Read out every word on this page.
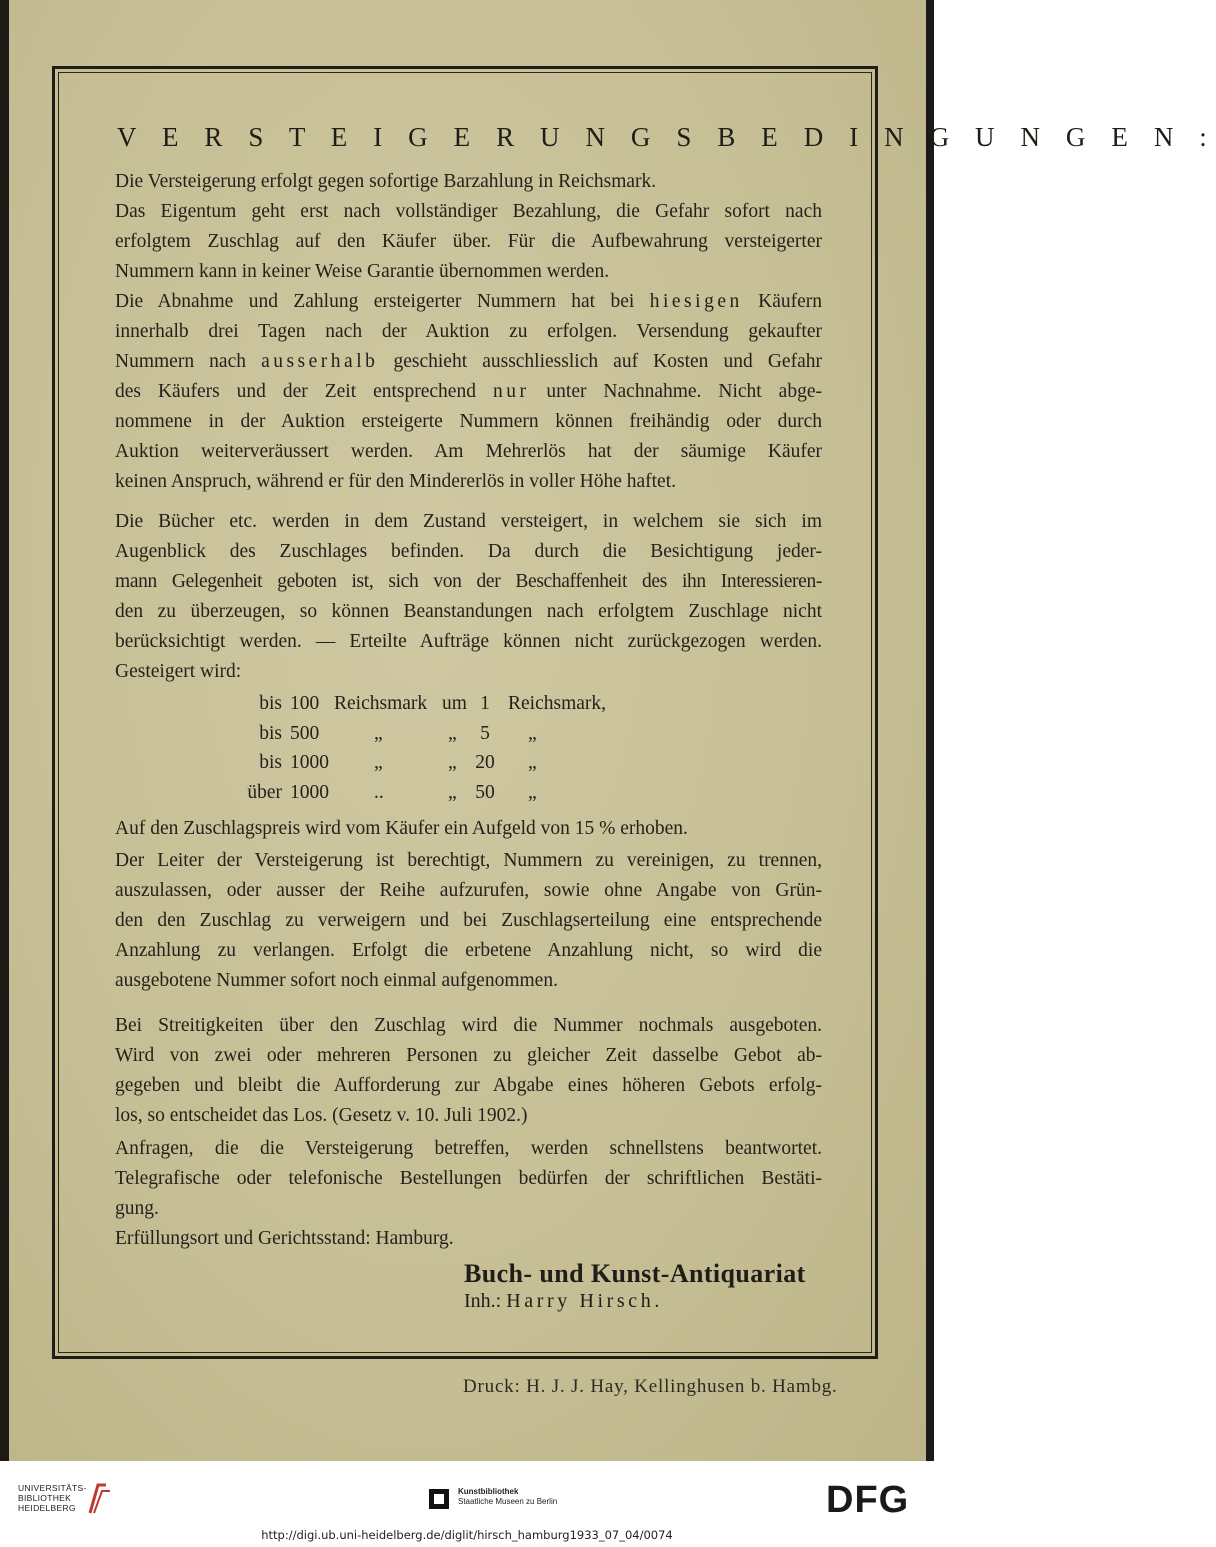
V E R S T E I G E R U N G S B E D I N G U N G E N :
Die Versteigerung erfolgt gegen sofortige Barzahlung in Reichsmark.
Das Eigentum geht erst nach vollständiger Bezahlung, die Gefahr sofort nach
erfolgtem Zuschlag auf den Käufer über. Für die Aufbewahrung versteigerter
Nummern kann in keiner Weise Garantie übernommen werden.
Die Abnahme und Zahlung ersteigerter Nummern hat bei hiesigen Käufern
innerhalb drei Tagen nach der Auktion zu erfolgen. Versendung gekaufter
Nummern nach ausserhalb geschieht ausschliesslich auf Kosten und Gefahr
des Käufers und der Zeit entsprechend nur unter Nachnahme. Nicht abge-
nommene in der Auktion ersteigerte Nummern können freihändig oder durch
Auktion weiterveräussert werden. Am Mehrerlös hat der säumige Käufer
keinen Anspruch, während er für den Mindererlös in voller Höhe haftet.
Die Bücher etc. werden in dem Zustand versteigert, in welchem sie sich im
Augenblick des Zuschlages befinden. Da durch die Besichtigung jeder-
mann Gelegenheit geboten ist, sich von der Beschaffenheit des ihn Interessieren-
den zu überzeugen, so können Beanstandungen nach erfolgtem Zuschlage nicht
berücksichtigt werden. — Erteilte Aufträge können nicht zurückgezogen werden.
Gesteigert wird:
bis 100 Reichsmark um 1 Reichsmark,
bis 500	„	„	5	„
bis 1000	„	„ 20	„
über 1000	..	„ 50	„
Auf den Zuschlagspreis wird vom Käufer ein Aufgeld von 15 % erhoben.
Der Leiter der Versteigerung ist berechtigt, Nummern zu vereinigen, zu trennen,
auszulassen, oder ausser der Reihe aufzurufen, sowie ohne Angabe von Grün-
den den Zuschlag zu verweigern und bei Zuschlagserteilung eine entsprechende
Anzahlung zu verlangen. Erfolgt die erbetene Anzahlung nicht, so wird die
ausgebotene Nummer sofort noch einmal aufgenommen.
Bei Streitigkeiten über den Zuschlag wird die Nummer nochmals ausgeboten.
Wird von zwei oder mehreren Personen zu gleicher Zeit dasselbe Gebot ab-
gegeben und bleibt die Aufforderung zur Abgabe eines höheren Gebots erfolg-
los, so entscheidet das Los. (Gesetz v. 10. Juli 1902.)
Anfragen, die die Versteigerung betreffen, werden schnellstens beantwortet.
Telegrafische oder telefonische Bestellungen bedürfen der schriftlichen Bestäti-
gung.
Erfüllungsort und Gerichtsstand: Hamburg.
Buch- und Kunst-Antiquariat
Inh.: Harry Hirsch.
Druck: H. J. J. Hay, Kellinghusen b. Hambg.
UNIVERSITÄTS-
BIBLIOTHEK
HEIDELBERG
Kunstbibliothek
Staatliche Museen zu Berlin	DFG
http://digi.ub.uni-heidelberg.de/diglit/hirsch_hamburg1933_07_04/0074
